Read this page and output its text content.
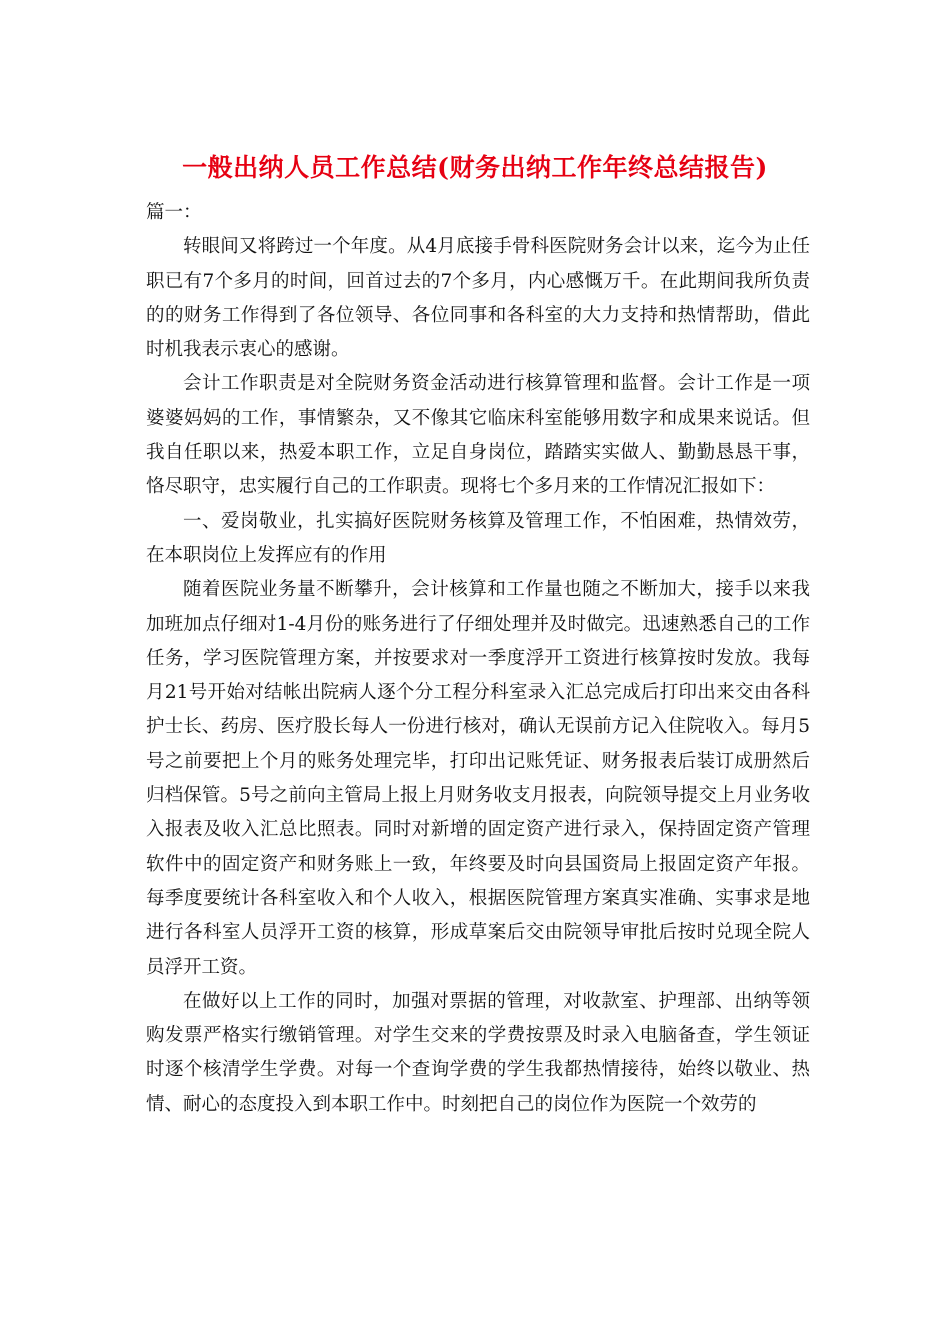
一般出纳人员工作总结(财务出纳工作年终总结报告)

篇一：

转眼间又将跨过一个年度。从4月底接手骨科医院财务会计以来，迄今为止任职已有7个多月的时间，回首过去的7个多月，内心感慨万千。在此期间我所负责的的财务工作得到了各位领导、各位同事和各科室的大力支持和热情帮助，借此时机我表示衷心的感谢。

会计工作职责是对全院财务资金活动进行核算管理和监督。会计工作是一项婆婆妈妈的工作，事情繁杂，又不像其它临床科室能够用数字和成果来说话。但我自任职以来，热爱本职工作，立足自身岗位，踏踏实实做人、勤勤恳恳干事，恪尽职守，忠实履行自己的工作职责。现将七个多月来的工作情况汇报如下：

一、爱岗敬业，扎实搞好医院财务核算及管理工作，不怕困难，热情效劳，在本职岗位上发挥应有的作用

随着医院业务量不断攀升，会计核算和工作量也随之不断加大，接手以来我加班加点仔细对1-4月份的账务进行了仔细处理并及时做完。迅速熟悉自己的工作任务，学习医院管理方案，并按要求对一季度浮开工资进行核算按时发放。我每月21号开始对结帐出院病人逐个分工程分科室录入汇总完成后打印出来交由各科护士长、药房、医疗股长每人一份进行核对，确认无误前方记入住院收入。每月5号之前要把上个月的账务处理完毕，打印出记账凭证、财务报表后装订成册然后归档保管。5号之前向主管局上报上月财务收支月报表，向院领导提交上月业务收入报表及收入汇总比照表。同时对新增的固定资产进行录入，保持固定资产管理软件中的固定资产和财务账上一致，年终要及时向县国资局上报固定资产年报。每季度要统计各科室收入和个人收入，根据医院管理方案真实准确、实事求是地进行各科室人员浮开工资的核算，形成草案后交由院领导审批后按时兑现全院人员浮开工资。

在做好以上工作的同时，加强对票据的管理，对收款室、护理部、出纳等领购发票严格实行缴销管理。对学生交来的学费按票及时录入电脑备查，学生领证时逐个核清学生学费。对每一个查询学费的学生我都热情接待，始终以敬业、热情、耐心的态度投入到本职工作中。时刻把自己的岗位作为医院一个效劳的
